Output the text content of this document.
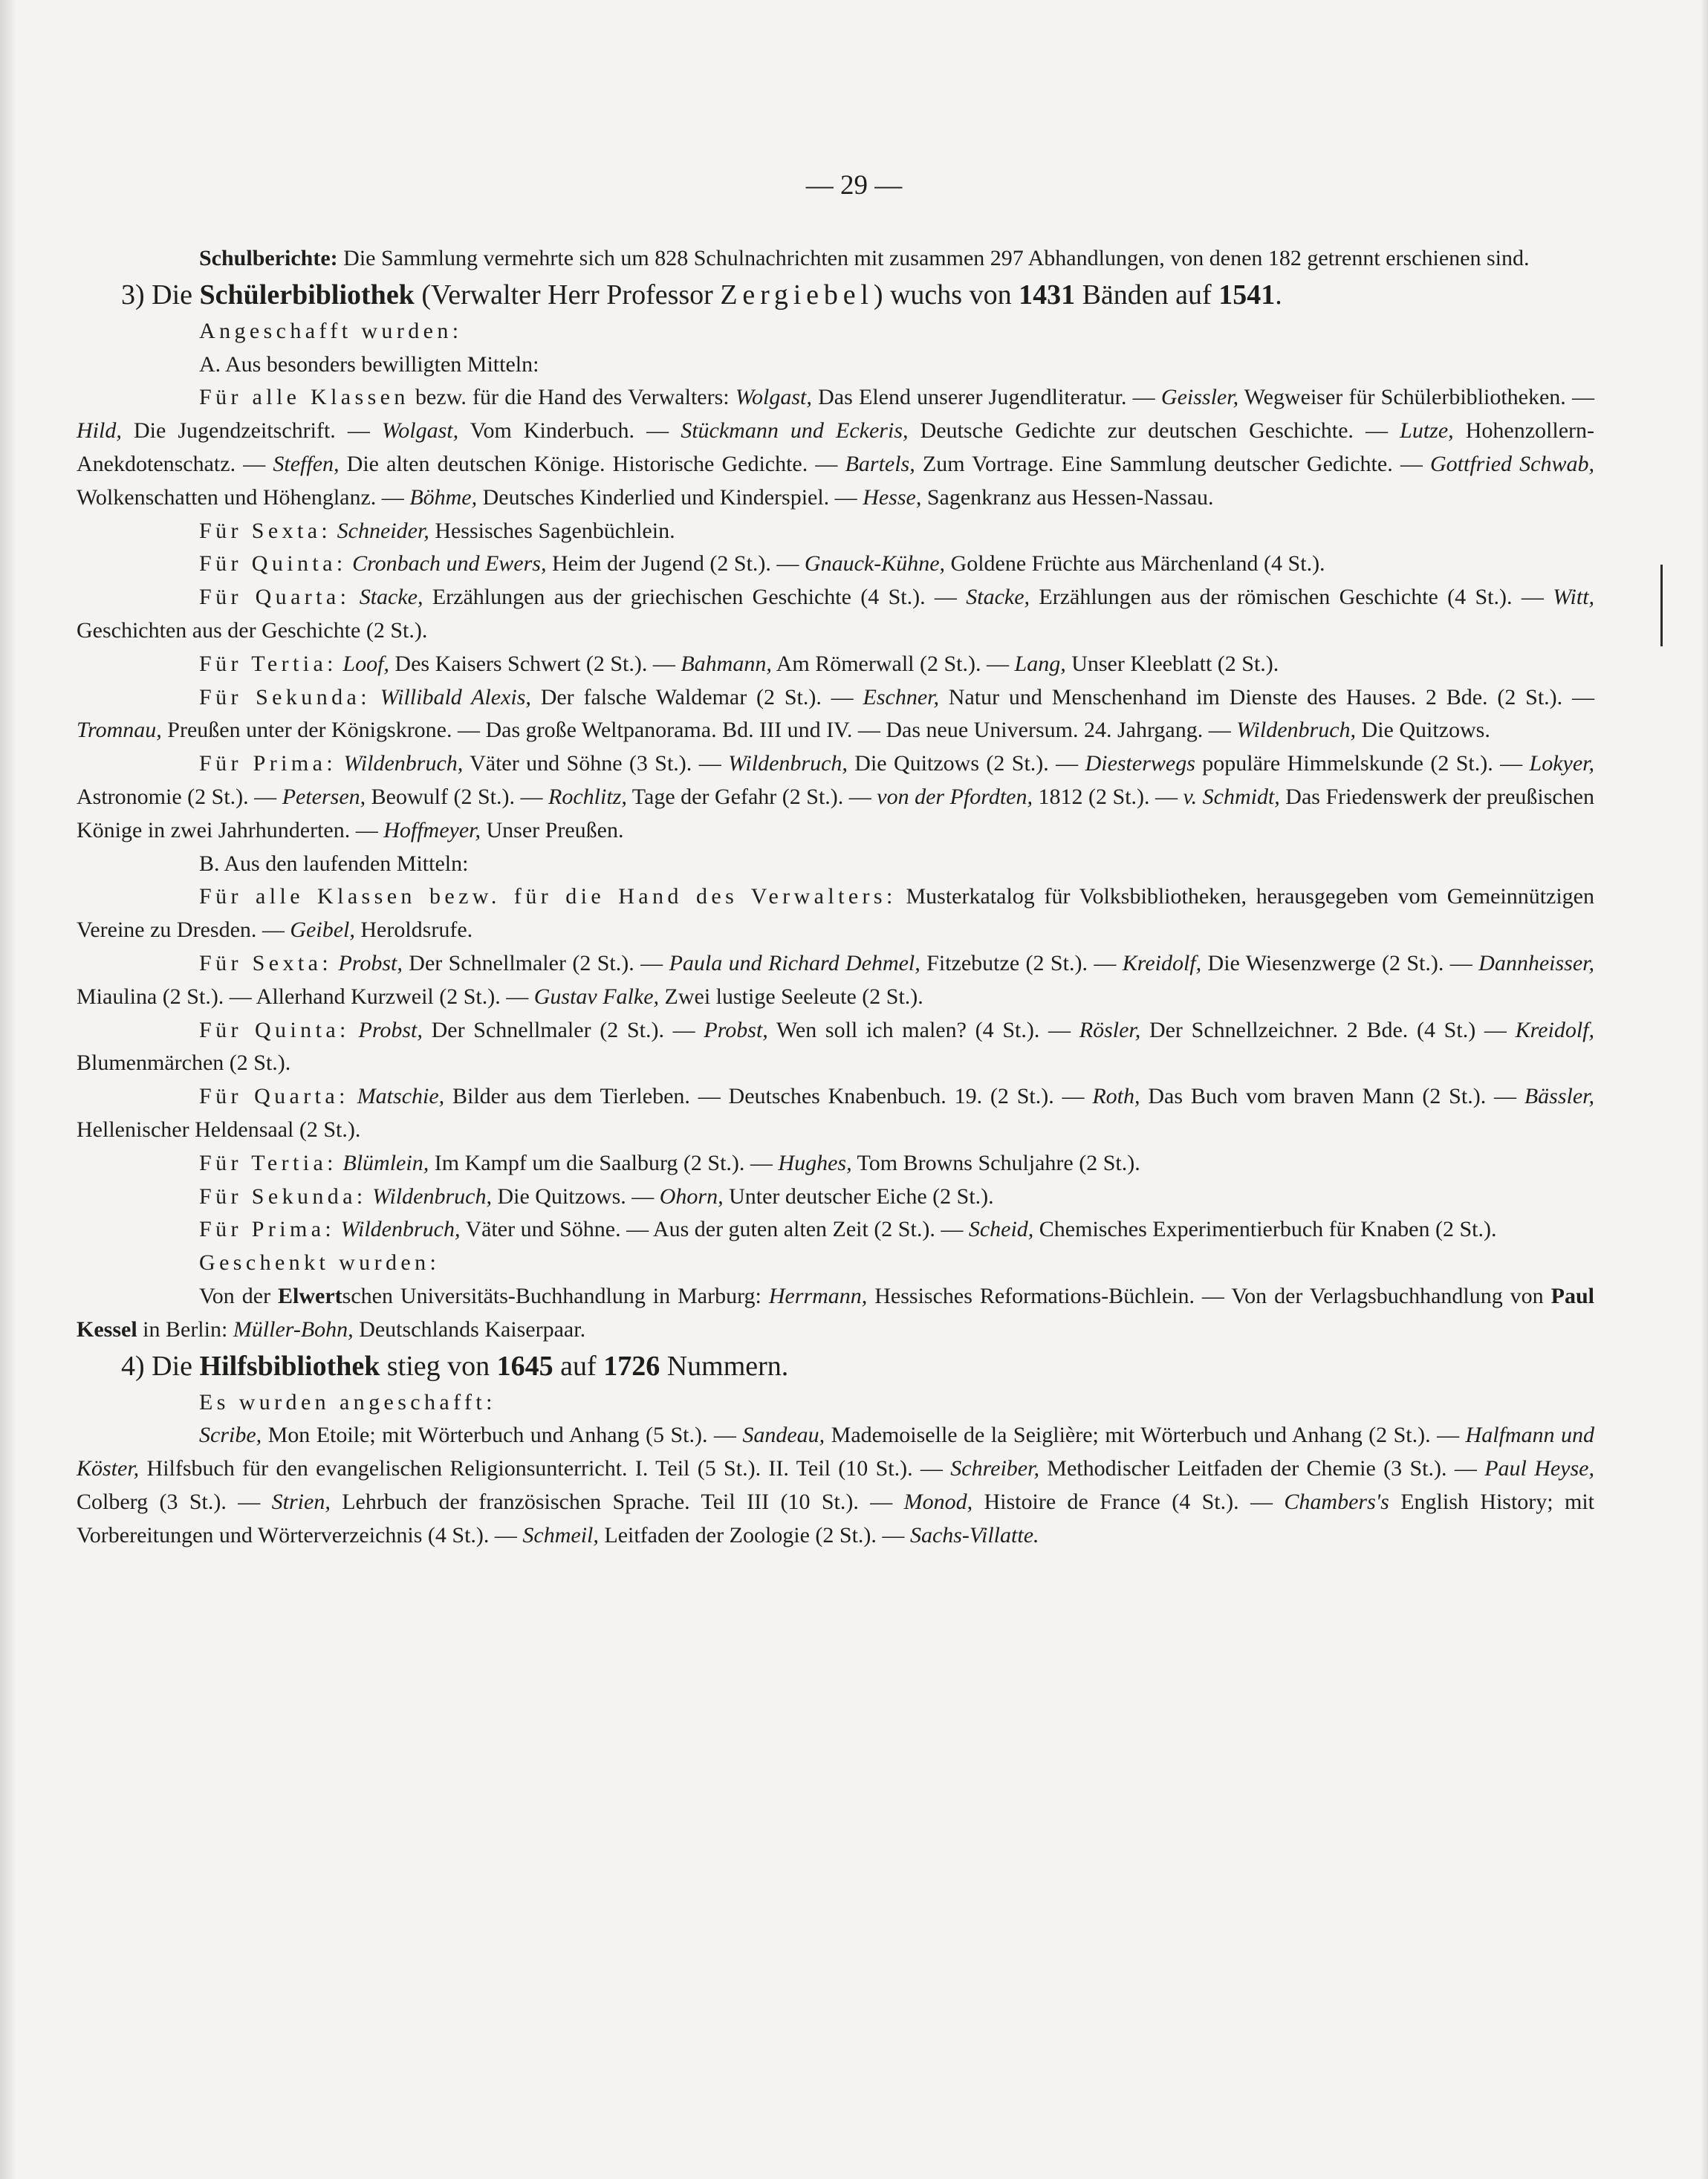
— 29 —

Schulberichte: Die Sammlung vermehrte sich um 828 Schulnachrichten mit zusammen 297 Abhandlungen, von denen 182 getrennt erschienen sind.

3) Die Schülerbibliothek (Verwalter Herr Professor Zergiebel) wuchs von 1431 Bänden auf 1541.

Angeschafft wurden:

A. Aus besonders bewilligten Mitteln:

Für alle Klassen bezw. für die Hand des Verwalters: Wolgast, Das Elend unserer Jugendliteratur. — Geissler, Wegweiser für Schülerbibliotheken. — Hild, Die Jugendzeitschrift. — Wolgast, Vom Kinderbuch. — Stückmann und Eckeris, Deutsche Gedichte zur deutschen Geschichte. — Lutze, Hohenzollern-Anekdotenschatz. — Steffen, Die alten deutschen Könige. Historische Gedichte. — Bartels, Zum Vortrage. Eine Sammlung deutscher Gedichte. — Gottfried Schwab, Wolkenschatten und Höhenglanz. — Böhme, Deutsches Kinderlied und Kinderspiel. — Hesse, Sagenkranz aus Hessen-Nassau.

Für Sexta: Schneider, Hessisches Sagenbüchlein.

Für Quinta: Cronbach und Ewers, Heim der Jugend (2 St.). — Gnauck-Kühne, Goldene Früchte aus Märchenland (4 St.).

Für Quarta: Stacke, Erzählungen aus der griechischen Geschichte (4 St.). — Stacke, Erzählungen aus der römischen Geschichte (4 St.). — Witt, Geschichten aus der Geschichte (2 St.).

Für Tertia: Loof, Des Kaisers Schwert (2 St.). — Bahmann, Am Römerwall (2 St.). — Lang, Unser Kleeblatt (2 St.).

Für Sekunda: Willibald Alexis, Der falsche Waldemar (2 St.). — Eschner, Natur und Menschenhand im Dienste des Hauses. 2 Bde. (2 St.). — Tromnau, Preußen unter der Königskrone. — Das große Weltpanorama. Bd. III und IV. — Das neue Universum. 24. Jahrgang. — Wildenbruch, Die Quitzows.

Für Prima: Wildenbruch, Väter und Söhne (3 St.). — Wildenbruch, Die Quitzows (2 St.). — Diesterwegs populäre Himmelskunde (2 St.). — Lokyer, Astronomie (2 St.). — Petersen, Beowulf (2 St.). — Rochlitz, Tage der Gefahr (2 St.). — von der Pfordten, 1812 (2 St.). — v. Schmidt, Das Friedenswerk der preußischen Könige in zwei Jahrhunderten. — Hoffmeyer, Unser Preußen.

B. Aus den laufenden Mitteln:

Für alle Klassen bezw. für die Hand des Verwalters: Musterkatalog für Volksbibliotheken, herausgegeben vom Gemeinnützigen Vereine zu Dresden. — Geibel, Heroldsrufe.

Für Sexta: Probst, Der Schnellmaler (2 St.). — Paula und Richard Dehmel, Fitzebutze (2 St.). — Kreidolf, Die Wiesenzwerge (2 St.). — Dannheisser, Miaulina (2 St.). — Allerhand Kurzweil (2 St.). — Gustav Falke, Zwei lustige Seeleute (2 St.).

Für Quinta: Probst, Der Schnellmaler (2 St.). — Probst, Wen soll ich malen? (4 St.). — Rösler, Der Schnellzeichner. 2 Bde. (4 St.) — Kreidolf, Blumenmärchen (2 St.).

Für Quarta: Matschie, Bilder aus dem Tierleben. — Deutsches Knabenbuch. 19. (2 St.). — Roth, Das Buch vom braven Mann (2 St.). — Bässler, Hellenischer Heldensaal (2 St.).

Für Tertia: Blümlein, Im Kampf um die Saalburg (2 St.). — Hughes, Tom Browns Schuljahre (2 St.).

Für Sekunda: Wildenbruch, Die Quitzows. — Ohorn, Unter deutscher Eiche (2 St.).

Für Prima: Wildenbruch, Väter und Söhne. — Aus der guten alten Zeit (2 St.). — Scheid, Chemisches Experimentierbuch für Knaben (2 St.).

Geschenkt wurden:

Von der Elwertschen Universitäts-Buchhandlung in Marburg: Herrmann, Hessisches Reformations-Büchlein. — Von der Verlagsbuchhandlung von Paul Kessel in Berlin: Müller-Bohn, Deutschlands Kaiserpaar.

4) Die Hilfsbibliothek stieg von 1645 auf 1726 Nummern.

Es wurden angeschafft:

Scribe, Mon Etoile; mit Wörterbuch und Anhang (5 St.). — Sandeau, Mademoiselle de la Seiglière; mit Wörterbuch und Anhang (2 St.). — Halfmann und Köster, Hilfsbuch für den evangelischen Religionsunterricht. I. Teil (5 St.). II. Teil (10 St.). — Schreiber, Methodischer Leitfaden der Chemie (3 St.). — Paul Heyse, Colberg (3 St.). — Strien, Lehrbuch der französischen Sprache. Teil III (10 St.). — Monod, Histoire de France (4 St.). — Chambers's English History; mit Vorbereitungen und Wörterverzeichnis (4 St.). — Schmeil, Leitfaden der Zoologie (2 St.). — Sachs-Villatte.
